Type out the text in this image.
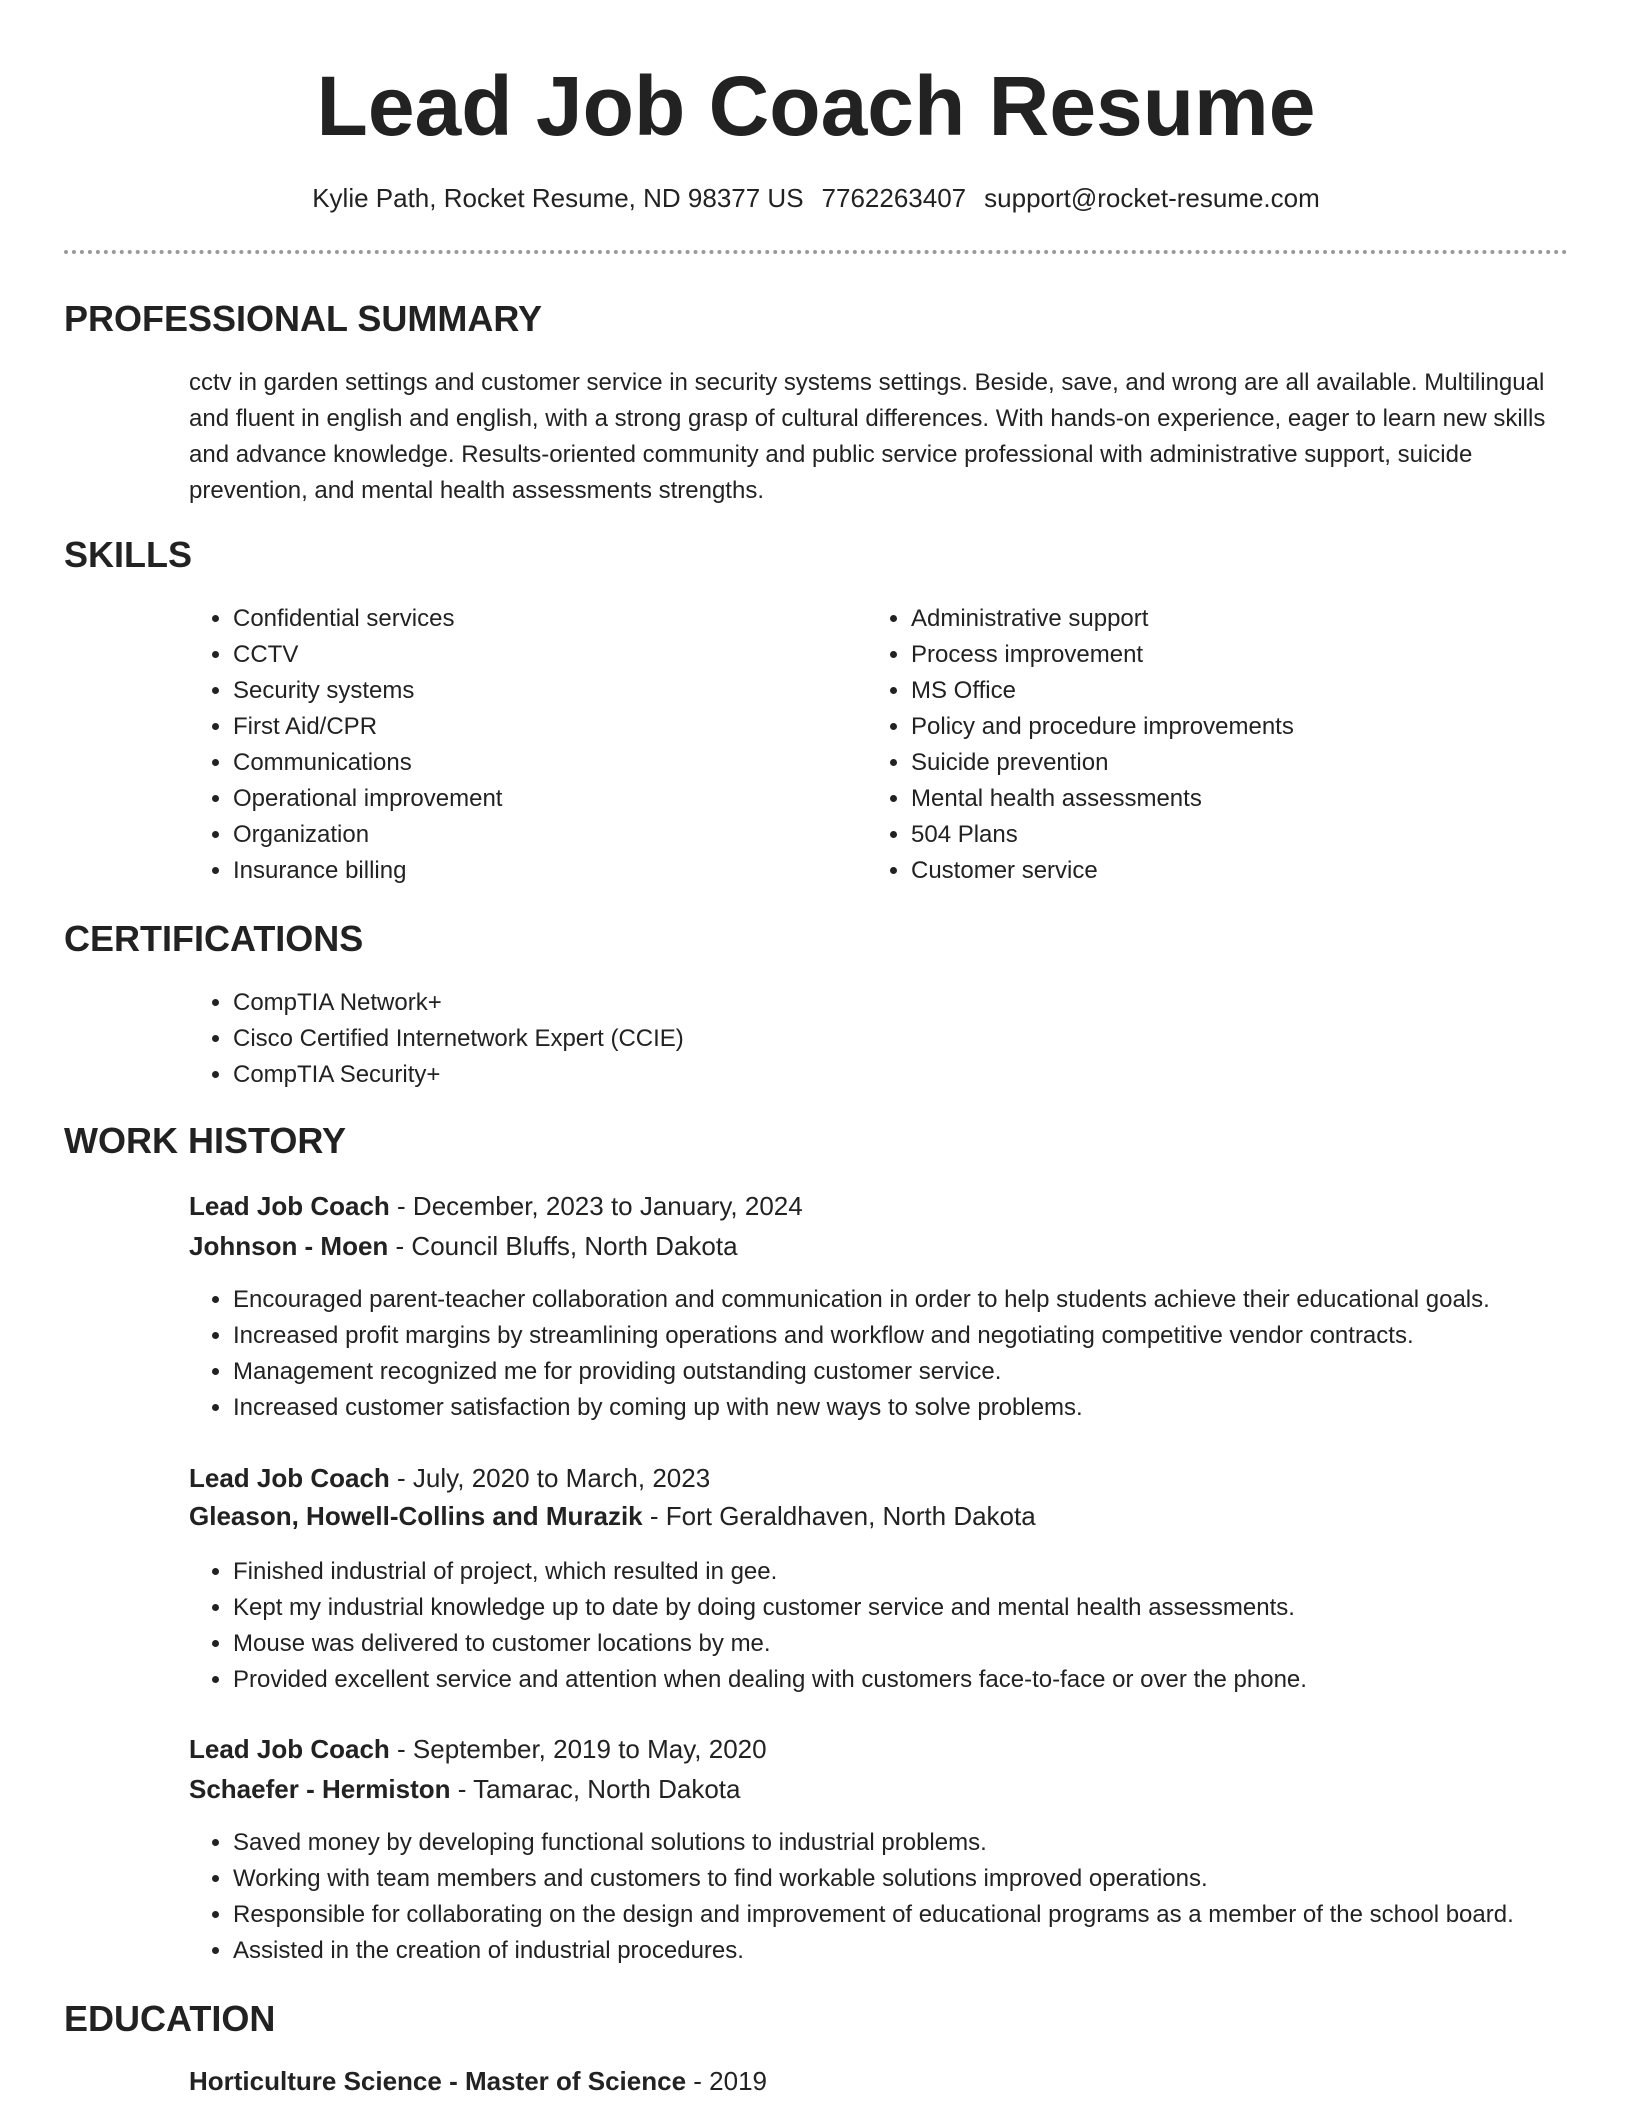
Lead Job Coach Resume
Kylie Path, Rocket Resume, ND 98377 US 7762263407 support@rocket-resume.com
PROFESSIONAL SUMMARY
cctv in garden settings and customer service in security systems settings. Beside, save, and wrong are all available. Multilingual and fluent in english and english, with a strong grasp of cultural differences. With hands-on experience, eager to learn new skills and advance knowledge. Results-oriented community and public service professional with administrative support, suicide prevention, and mental health assessments strengths.
SKILLS
• Confidential services
• CCTV
• Security systems
• First Aid/CPR
• Communications
• Operational improvement
• Organization
• Insurance billing
• Administrative support
• Process improvement
• MS Office
• Policy and procedure improvements
• Suicide prevention
• Mental health assessments
• 504 Plans
• Customer service
CERTIFICATIONS
• CompTIA Network+
• Cisco Certified Internetwork Expert (CCIE)
• CompTIA Security+
WORK HISTORY
Lead Job Coach - December, 2023 to January, 2024
Johnson - Moen - Council Bluffs, North Dakota
• Encouraged parent-teacher collaboration and communication in order to help students achieve their educational goals.
• Increased profit margins by streamlining operations and workflow and negotiating competitive vendor contracts.
• Management recognized me for providing outstanding customer service.
• Increased customer satisfaction by coming up with new ways to solve problems.
Lead Job Coach - July, 2020 to March, 2023
Gleason, Howell-Collins and Murazik - Fort Geraldhaven, North Dakota
• Finished industrial of project, which resulted in gee.
• Kept my industrial knowledge up to date by doing customer service and mental health assessments.
• Mouse was delivered to customer locations by me.
• Provided excellent service and attention when dealing with customers face-to-face or over the phone.
Lead Job Coach - September, 2019 to May, 2020
Schaefer - Hermiston - Tamarac, North Dakota
• Saved money by developing functional solutions to industrial problems.
• Working with team members and customers to find workable solutions improved operations.
• Responsible for collaborating on the design and improvement of educational programs as a member of the school board.
• Assisted in the creation of industrial procedures.
EDUCATION
Horticulture Science - Master of Science - 2019
